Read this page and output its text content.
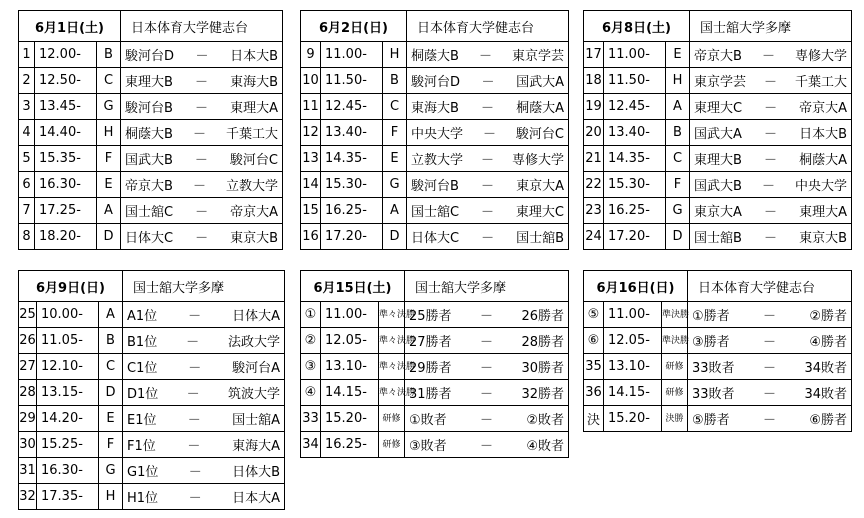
6月1日(土)			日本体育大学健志台
1	12.00-	B	駿河台D － 日本大B

2	12.50-	C	東理大B － 東海大B

3	13.45-	G	駿河台B － 東理大A

4	14.40-	H	桐蔭大B － 千葉工大

5	15.35-	F	国武大B － 駿河台C

6	16.30-	E	帝京大B － 立教大学

7	17.25-	A	国士舘C － 帝京大A

8	18.20-	D	日体大C － 東京大B
6月2日(日)			日本体育大学健志台
9	11.00-	H	桐蔭大B － 東京学芸

10	11.50-	B	駿河台D － 国武大A

11	12.45-	C	東海大B － 桐蔭大A

12	13.40-	F	中央大学 － 駿河台C

13	14.35-	E	立教大学 － 専修大学

14	15.30-	G	駿河台B － 東京大A

15	16.25-	A	国士舘C － 東理大C

16	17.20-	D	日体大C － 国士舘B
6月8日(土)			国士舘大学多摩
17	11.00-	E	帝京大B － 専修大学

18	11.50-	H	東京学芸 － 千葉工大

19	12.45-	A	東理大C － 帝京大A

20	13.40-	B	国武大A － 日本大B

21	14.35-	C	東理大B － 桐蔭大A

22	15.30-	F	国武大B － 中央大学

23	16.25-	G	東京大A － 東理大A

24	17.20-	D	国士舘B － 東京大B
6月9日(日)			国士舘大学多摩
25	10.00-	A	A1位 － 日体大A

26	11.05-	B	B1位 － 法政大学

27	12.10-	C	C1位 － 駿河台A

28	13.15-	D	D1位 － 筑波大学

29	14.20-	E	E1位 － 国士舘A

30	15.25-	F	F1位 － 東海大A

31	16.30-	G	G1位 － 日体大B

32	17.35-	H	H1位 － 日本大A
6月15日(土)			国士舘大学多摩
①	11.00-	準々決勝	25勝者 － 26勝者

②	12.05-	準々決勝	27勝者 － 28勝者

③	13.10-	準々決勝	29勝者 － 30勝者

④	14.15-	準々決勝	31勝者 － 32勝者

33	15.20-	研修	①敗者 － ②敗者

34	16.25-	研修	③敗者 － ④敗者
6月16日(日)			日本体育大学健志台
⑤	11.00-	準決勝	①勝者 － ②勝者

⑥	12.05-	準決勝	③勝者 － ④勝者

35	13.10-	研修	33敗者 － 34敗者

36	14.15-	研修	33敗者 － 34敗者

決	15.20-	決勝	⑤勝者 － ⑥勝者
